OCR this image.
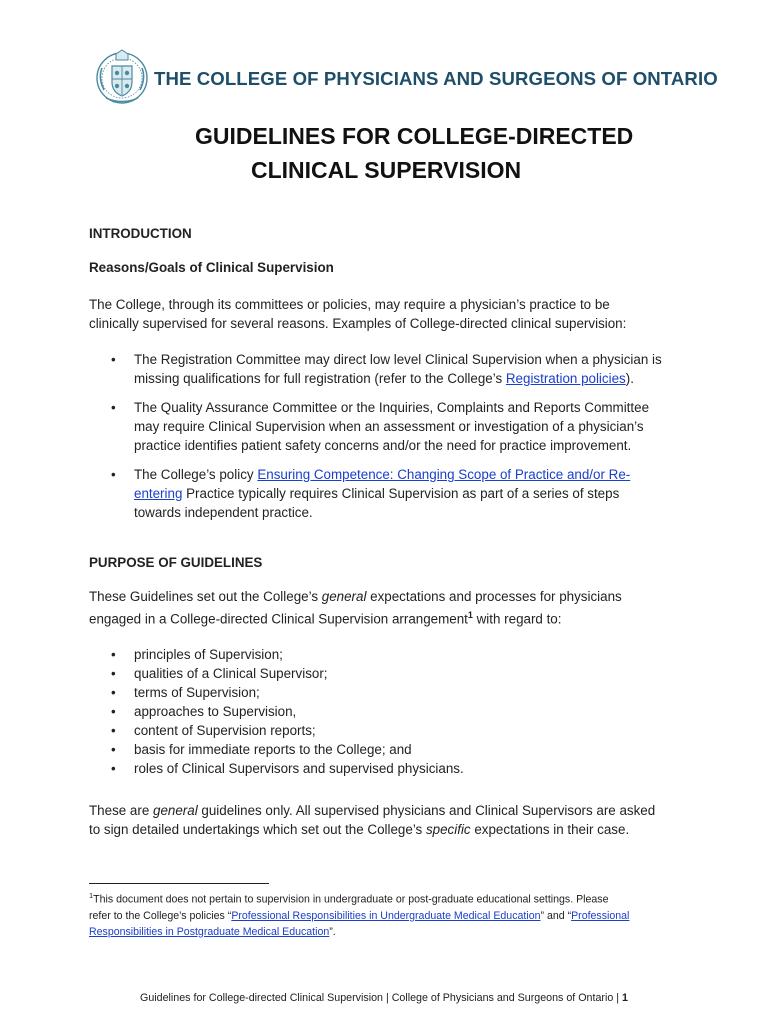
THE COLLEGE OF PHYSICIANS AND SURGEONS OF ONTARIO
GUIDELINES FOR COLLEGE-DIRECTED
CLINICAL SUPERVISION
INTRODUCTION
Reasons/Goals of Clinical Supervision
The College, through its committees or policies, may require a physician’s practice to be
clinically supervised for several reasons. Examples of College-directed clinical supervision:
• The Registration Committee may direct low level Clinical Supervision when a physician is
missing qualifications for full registration (refer to the College’s Registration policies).
• The Quality Assurance Committee or the Inquiries, Complaints and Reports Committee
may require Clinical Supervision when an assessment or investigation of a physician’s
practice identifies patient safety concerns and/or the need for practice improvement.
• The College’s policy Ensuring Competence: Changing Scope of Practice and/or Re-
entering Practice typically requires Clinical Supervision as part of a series of steps
towards independent practice.
PURPOSE OF GUIDELINES
These Guidelines set out the College’s general expectations and processes for physicians
engaged in a College-directed Clinical Supervision arrangement$^1$ with regard to:
• principles of Supervision;
• qualities of a Clinical Supervisor;
• terms of Supervision;
• approaches to Supervision,
• content of Supervision reports;
• basis for immediate reports to the College; and
• roles of Clinical Supervisors and supervised physicians.
These are general guidelines only. All supervised physicians and Clinical Supervisors are asked
to sign detailed undertakings which set out the College’s specific expectations in their case.
$^1$This document does not pertain to supervision in undergraduate or post-graduate educational settings. Please
refer to the College’s policies “Professional Responsibilities in Undergraduate Medical Education” and “Professional
Responsibilities in Postgraduate Medical Education”.
Guidelines for College-directed Clinical Supervision | College of Physicians and Surgeons of Ontario | 1
